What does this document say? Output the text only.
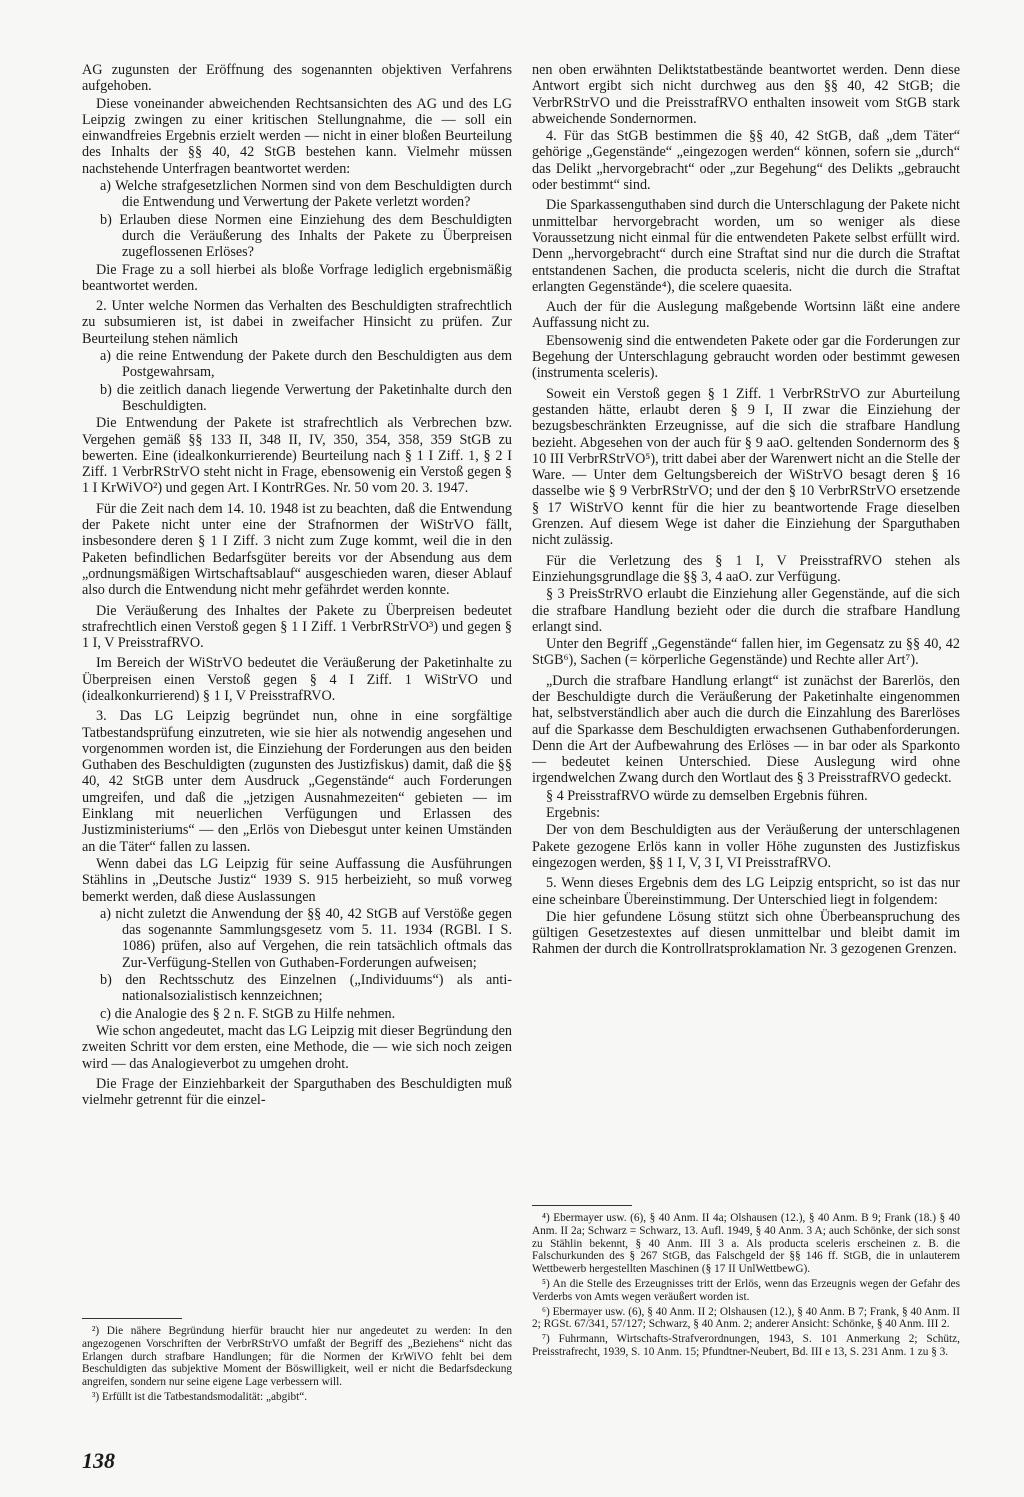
AG zugunsten der Eröffnung des sogenannten objektiven Verfahrens aufgehoben.

Diese voneinander abweichenden Rechtsansichten des AG und des LG Leipzig zwingen zu einer kritischen Stellungnahme, die — soll ein einwandfreies Ergebnis erzielt werden — nicht in einer bloßen Beurteilung des Inhalts der §§ 40, 42 StGB bestehen kann. Vielmehr müssen nachstehende Unterfragen beantwortet werden:

a) Welche strafgesetzlichen Normen sind von dem Beschuldigten durch die Entwendung und Verwertung der Pakete verletzt worden?

b) Erlauben diese Normen eine Einziehung des dem Beschuldigten durch die Veräußerung des Inhalts der Pakete zu Überpreisen zugeflossenen Erlöses?

Die Frage zu a soll hierbei als bloße Vorfrage lediglich ergebnismäßig beantwortet werden.

2. Unter welche Normen das Verhalten des Beschuldigten strafrechtlich zu subsumieren ist, ist dabei in zweifacher Hinsicht zu prüfen. Zur Beurteilung stehen nämlich

a) die reine Entwendung der Pakete durch den Beschuldigten aus dem Postgewahrsam,

b) die zeitlich danach liegende Verwertung der Paketinhalte durch den Beschuldigten.

Die Entwendung der Pakete ist strafrechtlich als Verbrechen bzw. Vergehen gemäß §§ 133 II, 348 II, IV, 350, 354, 358, 359 StGB zu bewerten. Eine (idealkonkurrierende) Beurteilung nach § 1 I Ziff. 1, § 2 I Ziff. 1 VerbrRStrVO steht nicht in Frage, ebensowenig ein Verstoß gegen § 1 I KrWiVO²) und gegen Art. I KontrRGes. Nr. 50 vom 20. 3. 1947.

Für die Zeit nach dem 14. 10. 1948 ist zu beachten, daß die Entwendung der Pakete nicht unter eine der Strafnormen der WiStrVO fällt, insbesondere deren § 1 I Ziff. 3 nicht zum Zuge kommt, weil die in den Paketen befindlichen Bedarfsgüter bereits vor der Absendung aus dem „ordnungsmäßigen Wirtschaftsablauf“ ausgeschieden waren, dieser Ablauf also durch die Entwendung nicht mehr gefährdet werden konnte.

Die Veräußerung des Inhaltes der Pakete zu Überpreisen bedeutet strafrechtlich einen Verstoß gegen § 1 I Ziff. 1 VerbrRStrVO³) und gegen § 1 I, V PreisstrafRVO.

Im Bereich der WiStrVO bedeutet die Veräußerung der Paketinhalte zu Überpreisen einen Verstoß gegen § 4 I Ziff. 1 WiStrVO und (idealkonkurrierend) § 1 I, V PreisstrafRVO.

3. Das LG Leipzig begründet nun, ohne in eine sorgfältige Tatbestandsprüfung einzutreten, wie sie hier als notwendig angesehen und vorgenommen worden ist, die Einziehung der Forderungen aus den beiden Guthaben des Beschuldigten (zugunsten des Justizfiskus) damit, daß die §§ 40, 42 StGB unter dem Ausdruck „Gegenstände“ auch Forderungen umgreifen, und daß die „jetzigen Ausnahmezeiten“ gebieten — im Einklang mit neuerlichen Verfügungen und Erlassen des Justizministeriums“ — den „Erlös von Diebesgut unter keinen Umständen an die Täter“ fallen zu lassen.

Wenn dabei das LG Leipzig für seine Auffassung die Ausführungen Stählins in „Deutsche Justiz“ 1939 S. 915 herbeizieht, so muß vorweg bemerkt werden, daß diese Auslassungen

a) nicht zuletzt die Anwendung der §§ 40, 42 StGB auf Verstöße gegen das sogenannte Sammlungsgesetz vom 5. 11. 1934 (RGBl. I S. 1086) prüfen, also auf Vergehen, die rein tatsächlich oftmals das Zur-Verfügung-Stellen von Guthaben-Forderungen aufweisen;

b) den Rechtsschutz des Einzelnen („Individuums“) als anti-nationalsozialistisch kennzeichnen;

c) die Analogie des § 2 n. F. StGB zu Hilfe nehmen.

Wie schon angedeutet, macht das LG Leipzig mit dieser Begründung den zweiten Schritt vor dem ersten, eine Methode, die — wie sich noch zeigen wird — das Analogieverbot zu umgehen droht.

Die Frage der Einziehbarkeit der Sparguthaben des Beschuldigten muß vielmehr getrennt für die einzel-

nen oben erwähnten Deliktstatbestände beantwortet werden. Denn diese Antwort ergibt sich nicht durchweg aus den §§ 40, 42 StGB; die VerbrRStrVO und die PreisstrafRVO enthalten insoweit vom StGB stark abweichende Sondernormen.

4. Für das StGB bestimmen die §§ 40, 42 StGB, daß „dem Täter“ gehörige „Gegenstände“ „eingezogen werden“ können, sofern sie „durch“ das Delikt „hervorgebracht“ oder „zur Begehung“ des Delikts „gebraucht oder bestimmt“ sind.

Die Sparkassenguthaben sind durch die Unterschlagung der Pakete nicht unmittelbar hervorgebracht worden, um so weniger als diese Voraussetzung nicht einmal für die entwendeten Pakete selbst erfüllt wird. Denn „hervorgebracht“ durch eine Straftat sind nur die durch die Straftat entstandenen Sachen, die producta sceleris, nicht die durch die Straftat erlangten Gegenstände⁴), die scelere quaesita.

Auch der für die Auslegung maßgebende Wortsinn läßt eine andere Auffassung nicht zu.

Ebensowenig sind die entwendeten Pakete oder gar die Forderungen zur Begehung der Unterschlagung gebraucht worden oder bestimmt gewesen (instrumenta sceleris).

Soweit ein Verstoß gegen § 1 Ziff. 1 VerbrRStrVO zur Aburteilung gestanden hätte, erlaubt deren § 9 I, II zwar die Einziehung der bezugsbeschränkten Erzeugnisse, auf die sich die strafbare Handlung bezieht. Abgesehen von der auch für § 9 aaO. geltenden Sondernorm des § 10 III VerbrRStrVO⁵), tritt dabei aber der Warenwert nicht an die Stelle der Ware. — Unter dem Geltungsbereich der WiStrVO besagt deren § 16 dasselbe wie § 9 VerbrRStrVO; und der den § 10 VerbrRStrVO ersetzende § 17 WiStrVO kennt für die hier zu beantwortende Frage dieselben Grenzen. Auf diesem Wege ist daher die Einziehung der Sparguthaben nicht zulässig.

Für die Verletzung des § 1 I, V PreisstrafRVO stehen als Einziehungsgrundlage die §§ 3, 4 aaO. zur Verfügung.

§ 3 PreisStrRVO erlaubt die Einziehung aller Gegenstände, auf die sich die strafbare Handlung bezieht oder die durch die strafbare Handlung erlangt sind.

Unter den Begriff „Gegenstände“ fallen hier, im Gegensatz zu §§ 40, 42 StGB⁶), Sachen (= körperliche Gegenstände) und Rechte aller Art⁷).

„Durch die strafbare Handlung erlangt“ ist zunächst der Barerlös, den der Beschuldigte durch die Veräußerung der Paketinhalte eingenommen hat, selbstverständlich aber auch die durch die Einzahlung des Barerlöses auf die Sparkasse dem Beschuldigten erwachsenen Guthabenforderungen. Denn die Art der Aufbewahrung des Erlöses — in bar oder als Sparkonto — bedeutet keinen Unterschied. Diese Auslegung wird ohne irgendwelchen Zwang durch den Wortlaut des § 3 PreisstrafRVO gedeckt.

§ 4 PreisstrafRVO würde zu demselben Ergebnis führen.

Ergebnis:

Der von dem Beschuldigten aus der Veräußerung der unterschlagenen Pakete gezogene Erlös kann in voller Höhe zugunsten des Justizfiskus eingezogen werden, §§ 1 I, V, 3 I, VI PreisstrafRVO.

5. Wenn dieses Ergebnis dem des LG Leipzig entspricht, so ist das nur eine scheinbare Übereinstimmung. Der Unterschied liegt in folgendem:

Die hier gefundene Lösung stützt sich ohne Überbeanspruchung des gültigen Gesetzestextes auf diesen unmittelbar und bleibt damit im Rahmen der durch die Kontrollratsproklamation Nr. 3 gezogenen Grenzen.

⁴) Ebermayer usw. (6), § 40 Anm. II 4a; Olshausen (12.), § 40 Anm. B 9; Frank (18.) § 40 Anm. II 2a; Schwarz = Schwarz, 13. Aufl. 1949, § 40 Anm. 3 A; auch Schönke, der sich sonst zu Stählin bekennt, § 40 Anm. III 3 a. Als producta sceleris erscheinen z. B. die Falschurkunden des § 267 StGB, das Falschgeld der §§ 146 ff. StGB, die in unlauterem Wettbewerb hergestellten Maschinen (§ 17 II UnlWettbewG).

⁵) An die Stelle des Erzeugnisses tritt der Erlös, wenn das Erzeugnis wegen der Gefahr des Verderbs von Amts wegen veräußert worden ist.

⁶) Ebermayer usw. (6), § 40 Anm. II 2; Olshausen (12.), § 40 Anm. B 7; Frank, § 40 Anm. II 2; RGSt. 67/341, 57/127; Schwarz, § 40 Anm. 2; anderer Ansicht: Schönke, § 40 Anm. III 2.

⁷) Fuhrmann, Wirtschafts-Strafverordnungen, 1943, S. 101 Anmerkung 2; Schütz, Preisstrafrecht, 1939, S. 10 Anm. 15; Pfundtner-Neubert, Bd. III e 13, S. 231 Anm. 1 zu § 3.

²) Die nähere Begründung hierfür braucht hier nur angedeutet zu werden: In den angezogenen Vorschriften der VerbrRStrVO umfaßt der Begriff des „Beziehens“ nicht das Erlangen durch strafbare Handlungen; für die Normen der KrWiVO fehlt bei dem Beschuldigten das subjektive Moment der Böswilligkeit, weil er nicht die Bedarfsdeckung angreifen, sondern nur seine eigene Lage verbessern will.

³) Erfüllt ist die Tatbestandsmodalität: „abgibt“.

138
